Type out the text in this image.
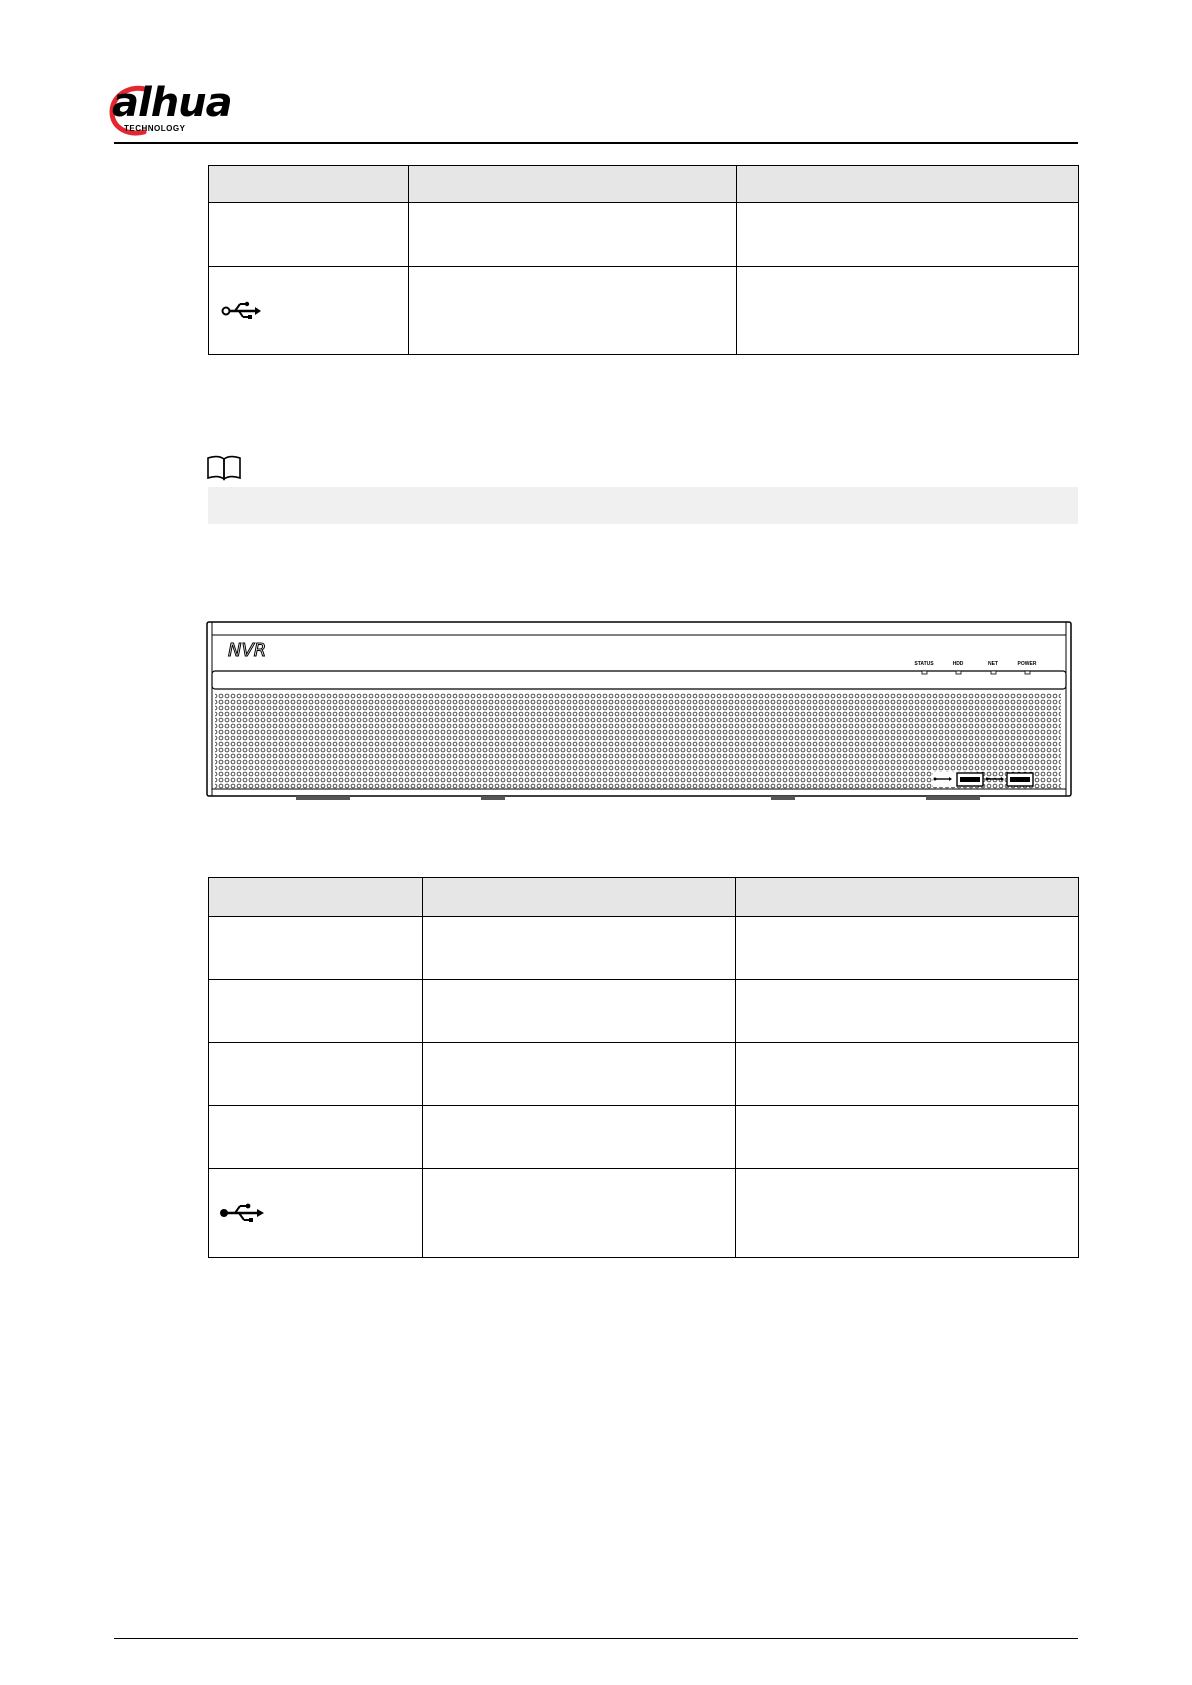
alhua
TECHNOLOGY

NVR
STATUS	HDD	NET	POWER
